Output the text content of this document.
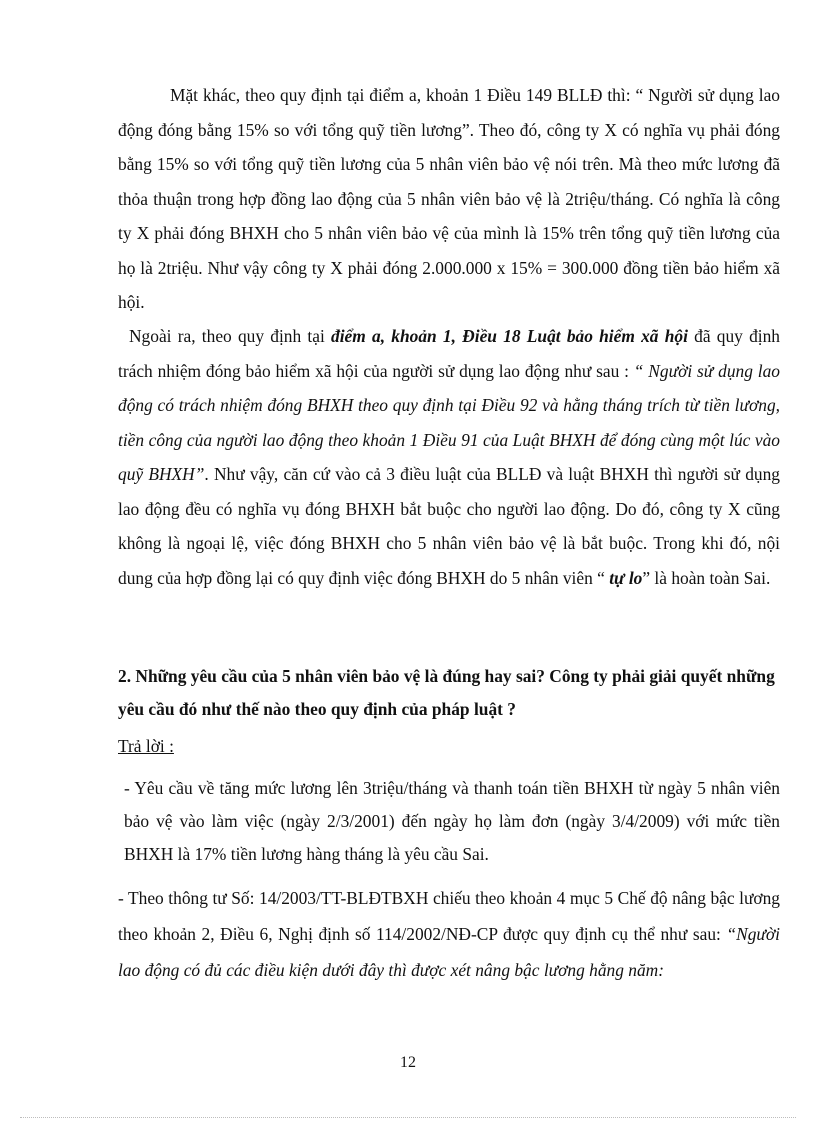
Mặt khác, theo quy định tại điểm a, khoản 1 Điều 149 BLLĐ thì: “ Người sử dụng lao động đóng bằng 15% so với tổng quỹ tiền lương”. Theo đó, công ty X có nghĩa vụ phải đóng bằng 15% so với tổng quỹ tiền lương của 5 nhân viên bảo vệ nói trên. Mà theo mức lương đã thỏa thuận trong hợp đồng lao động của 5 nhân viên bảo vệ là 2triệu/tháng. Có nghĩa là công ty X phải đóng BHXH cho 5 nhân viên bảo vệ của mình là 15% trên tổng quỹ tiền lương của họ là 2triệu. Như vậy công ty X phải đóng 2.000.000 x 15% = 300.000 đồng tiền bảo hiểm xã hội.

Ngoài ra, theo quy định tại điểm a, khoản 1, Điều 18 Luật bảo hiểm xã hội đã quy định trách nhiệm đóng bảo hiểm xã hội của người sử dụng lao động như sau : “ Người sử dụng lao động có trách nhiệm đóng BHXH theo quy định tại Điều 92 và hằng tháng trích từ tiền lương, tiền công của người lao động theo khoản 1 Điều 91 của Luật BHXH để đóng cùng một lúc vào quỹ BHXH”. Như vậy, căn cứ vào cả 3 điều luật của BLLĐ và luật BHXH thì người sử dụng lao động đều có nghĩa vụ đóng BHXH bắt buộc cho người lao động. Do đó, công ty X cũng không là ngoại lệ, việc đóng BHXH cho 5 nhân viên bảo vệ là bắt buộc. Trong khi đó, nội dung của hợp đồng lại có quy định việc đóng BHXH do 5 nhân viên “ tự lo” là hoàn toàn Sai.

2. Những yêu cầu của 5 nhân viên bảo vệ là đúng hay sai? Công ty phải giải quyết những yêu cầu đó như thế nào theo quy định của pháp luật ?

Trả lời :

- Yêu cầu về tăng mức lương lên 3triệu/tháng và thanh toán tiền BHXH từ ngày 5 nhân viên bảo vệ vào làm việc (ngày 2/3/2001) đến ngày họ làm đơn (ngày 3/4/2009) với mức tiền BHXH là 17% tiền lương hàng tháng là yêu cầu Sai.

- Theo thông tư Số: 14/2003/TT-BLĐTBXH chiếu theo khoản 4 mục 5 Chế độ nâng bậc lương theo khoản 2, Điều 6, Nghị định số 114/2002/NĐ-CP được quy định cụ thể như sau: “Người lao động có đủ các điều kiện dưới đây thì được xét nâng bậc lương hằng năm:

12
